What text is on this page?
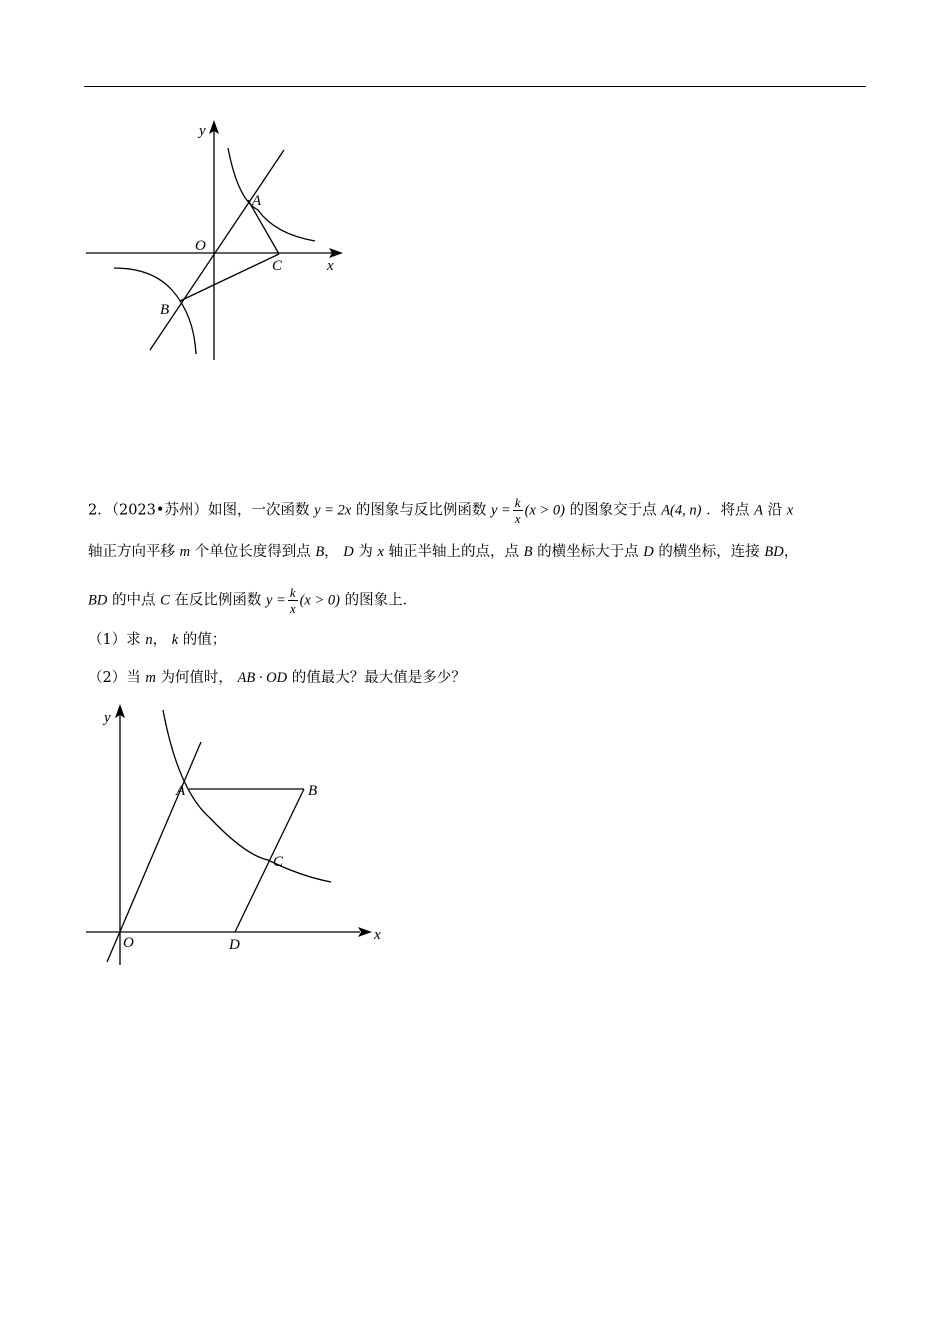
y
x
O
A
B
C
2．（2023•苏州）如图，一次函数 y = 2x 的图象与反比例函数 $y = \frac{k}{x} (x > 0)$ 的图象交于点 A(4, n) ．将点 A 沿 x
轴正方向平移 m 个单位长度得到点 B， D 为 x 轴正半轴上的点，点 B 的横坐标大于点 D 的横坐标，连接 BD，
BD 的中点 C 在反比例函数 $y = \frac{k}{x} (x > 0)$ 的图象上．
（1）求 n， k 的值；
（2）当 m 为何值时， AB · OD 的值最大？最大值是多少？
y
x
O
A	B
C
D
